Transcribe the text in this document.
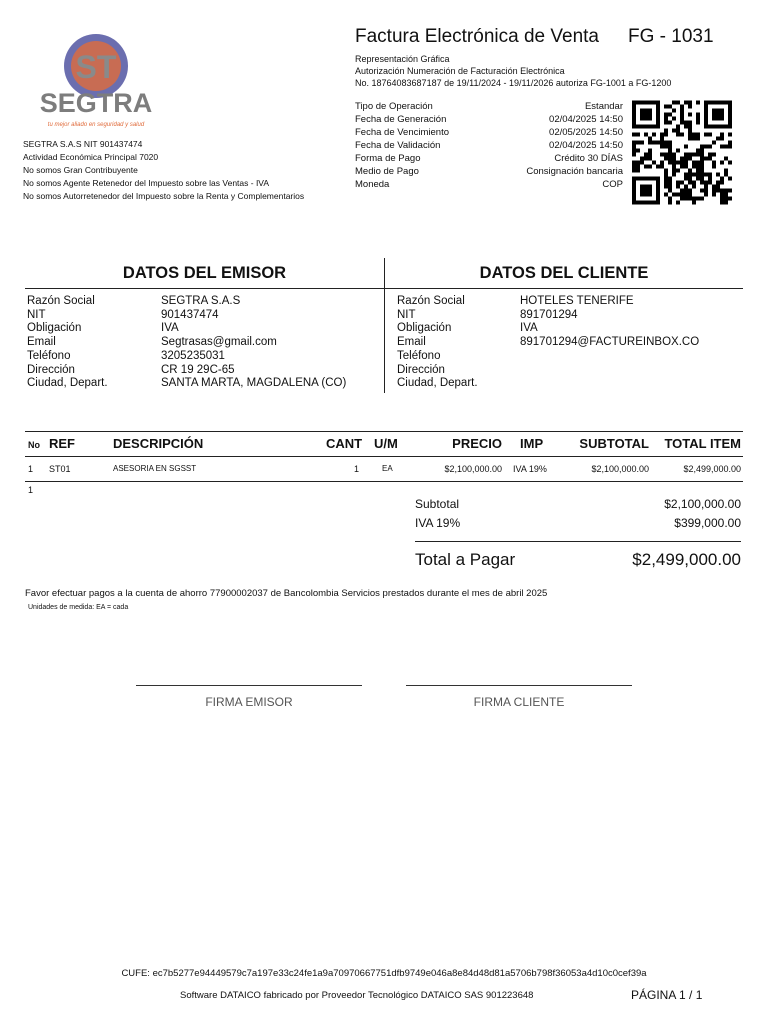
ST
SEGTRA
tu mejor aliado en seguridad y salud
SEGTRA S.A.S NIT 901437474
Actividad Económica Principal 7020
No somos Gran Contribuyente
No somos Agente Retenedor del Impuesto sobre las Ventas - IVA
No somos Autorretenedor del Impuesto sobre la Renta y Complementarios
Factura Electrónica de Venta FG - 1031
Representación Gráfica
Autorización Numeración de Facturación Electrónica
No. 18764083687187 de 19/11/2024 - 19/11/2026 autoriza FG-1001 a FG-1200
Tipo de Operación	Estandar
Fecha de Generación	02/04/2025 14:50
Fecha de Vencimiento	02/05/2025 14:50
Fecha de Validación	02/04/2025 14:50
Forma de Pago	Crédito 30 DÍAS
Medio de Pago	Consignación bancaria
Moneda	COP
DATOS DEL EMISOR	DATOS DEL CLIENTE
Razón Social	SEGTRA S.A.S
NIT	901437474
Obligación	IVA
Email	Segtrasas@gmail.com
Teléfono	3205235031
Dirección	CR 19 29C-65
Ciudad, Depart.	SANTA MARTA, MAGDALENA (CO)
Razón Social	HOTELES TENERIFE
NIT	891701294
Obligación	IVA
Email	891701294@FACTUREINBOX.CO
Teléfono
Dirección
Ciudad, Depart.
No REF	DESCRIPCIÓN	CANT U/M	PRECIO IMP	SUBTOTAL	TOTAL ITEM
1 ST01	ASESORIA EN SGSST	1	EA	$2,100,000.00 IVA 19%	$2,100,000.00	$2,499,000.00
1
Subtotal	$2,100,000.00
IVA 19%	$399,000.00
Total a Pagar	$2,499,000.00
Favor efectuar pagos a la cuenta de ahorro 77900002037 de Bancolombia Servicios prestados durante el mes de abril 2025
Unidades de medida: EA = cada
FIRMA EMISOR	FIRMA CLIENTE
CUFE: ec7b5277e94449579c7a197e33c24fe1a9a70970667751dfb9749e046a8e84d48d81a5706b798f36053a4d10c0cef39a
Software DATAICO fabricado por Proveedor Tecnológico DATAICO SAS 901223648	PÁGINA 1 / 1
